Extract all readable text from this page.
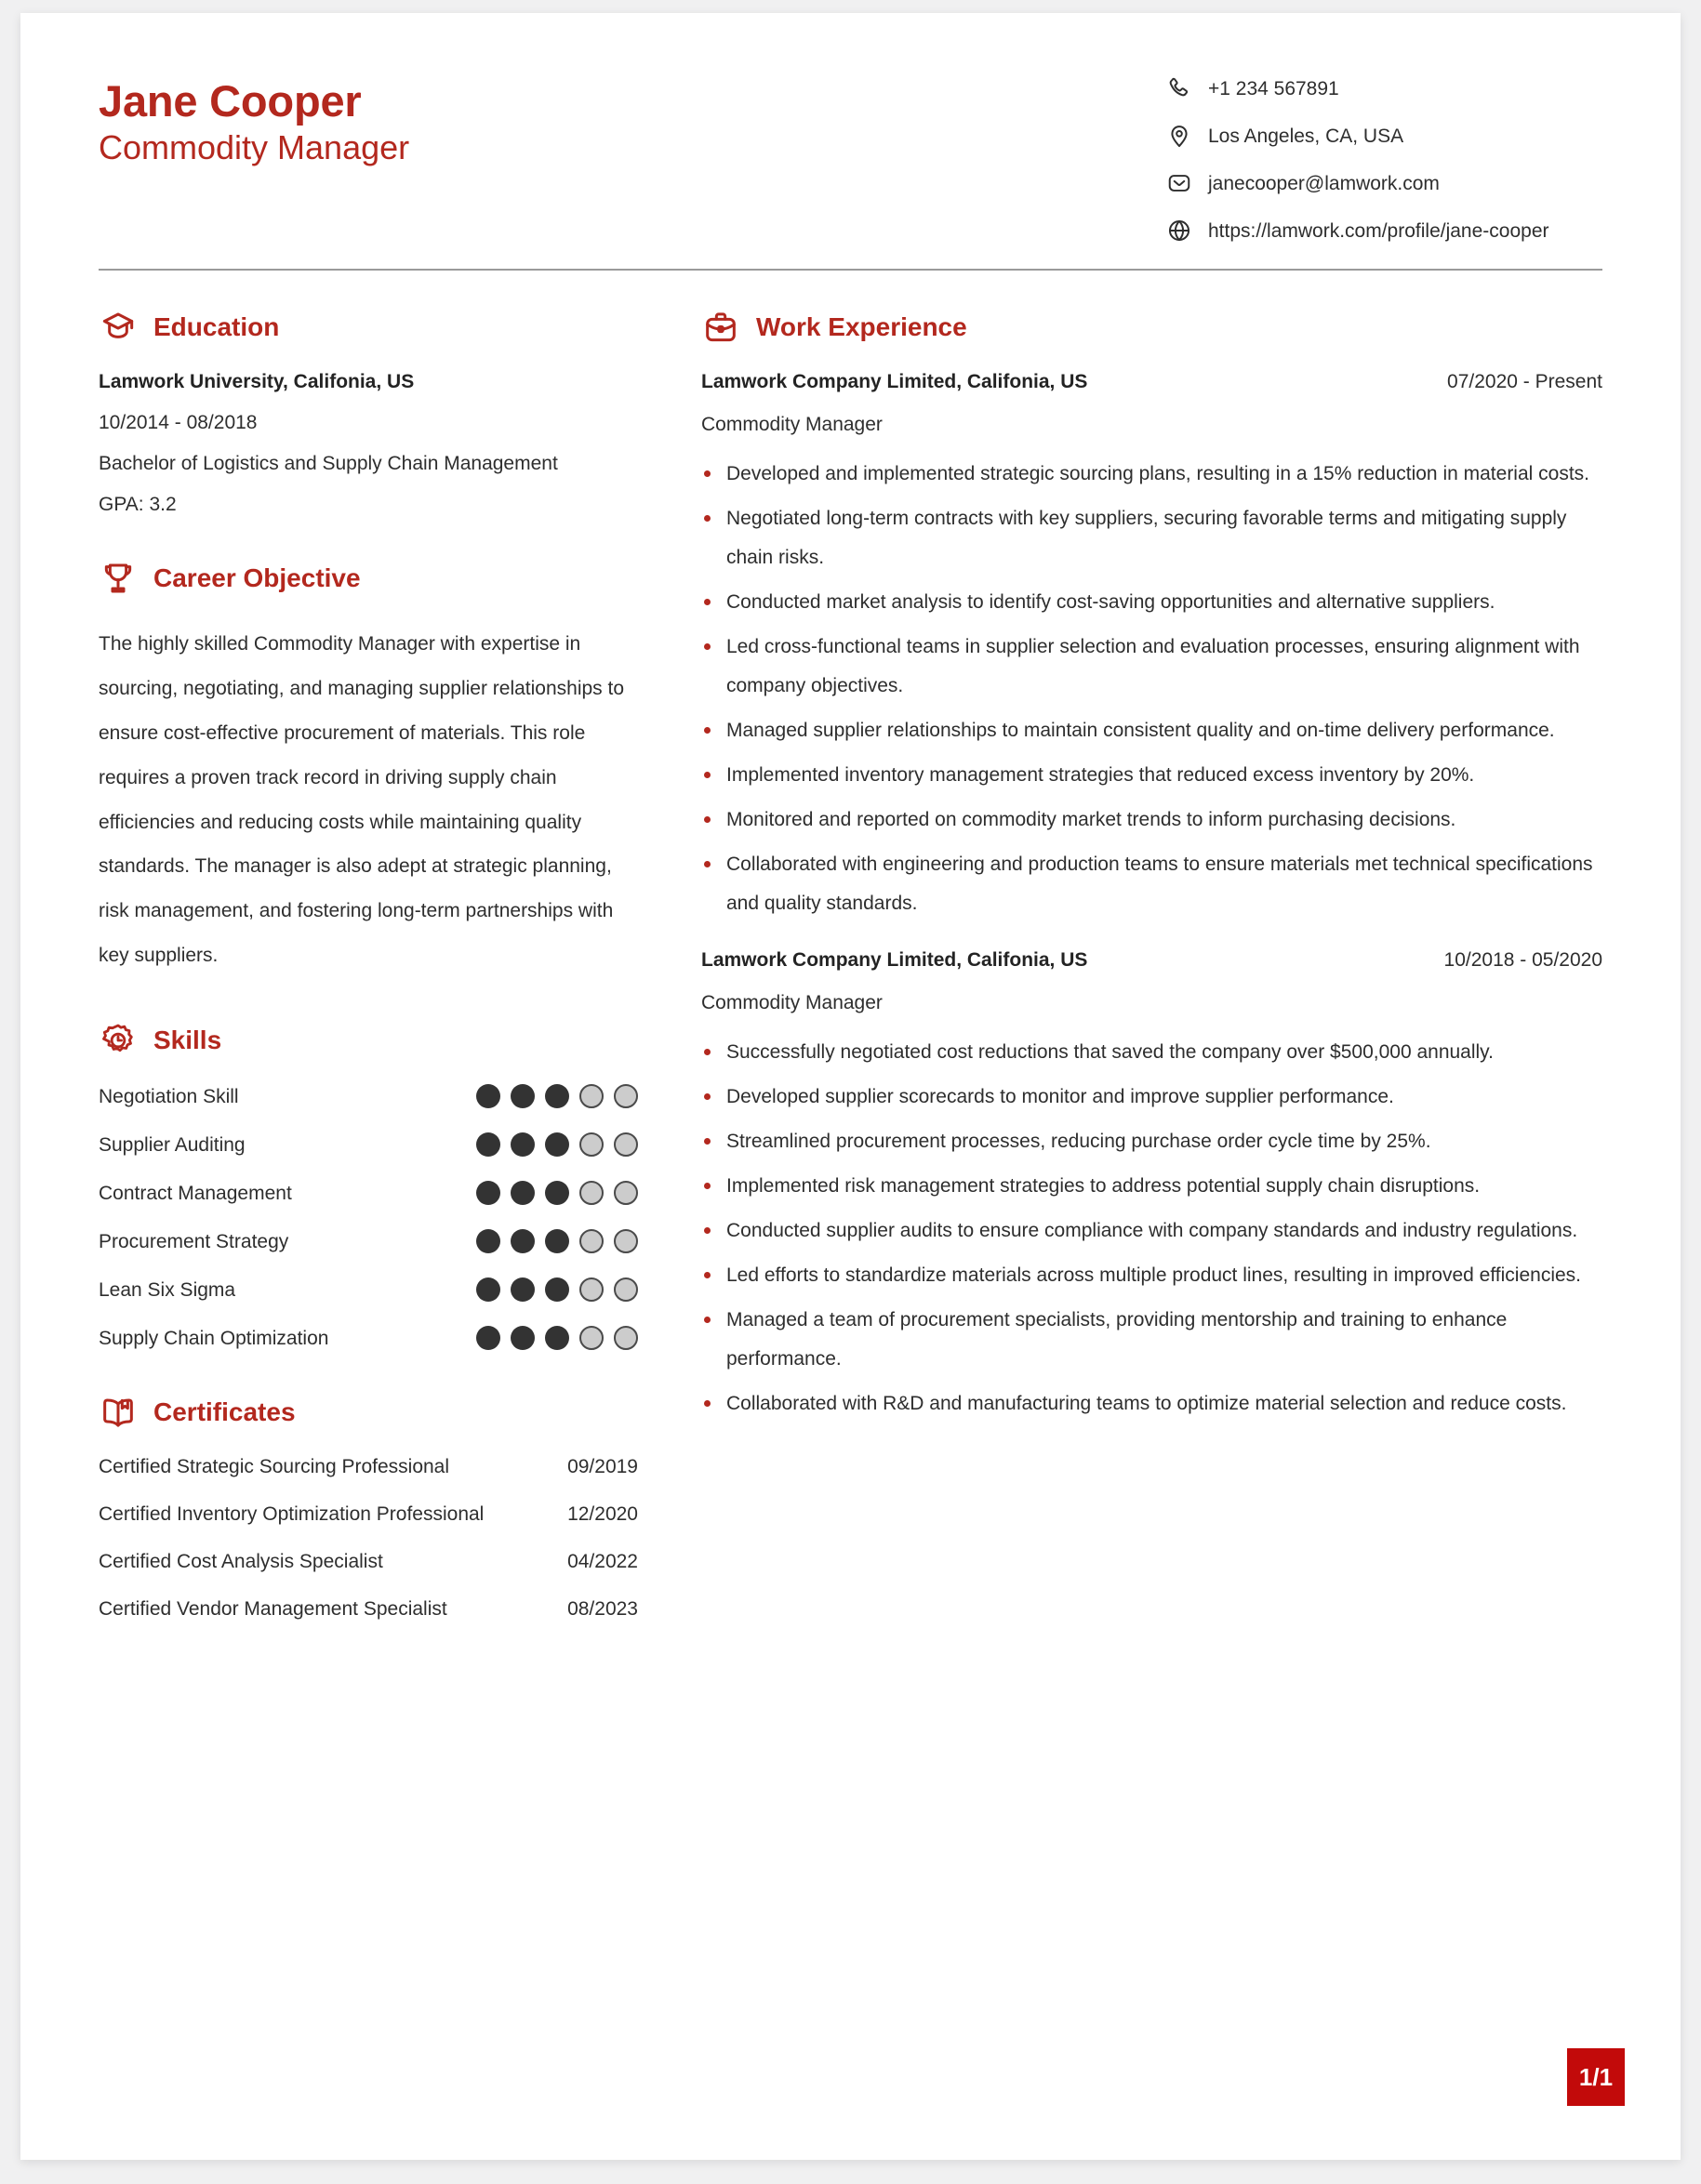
Jane Cooper
Commodity Manager
+1 234 567891
Los Angeles, CA, USA
janecooper@lamwork.com
https://lamwork.com/profile/jane-cooper
Education
Lamwork University, Califonia, US
10/2014 - 08/2018
Bachelor of Logistics and Supply Chain Management
GPA: 3.2
Career Objective
The highly skilled Commodity Manager with expertise in sourcing, negotiating, and managing supplier relationships to ensure cost-effective procurement of materials. This role requires a proven track record in driving supply chain efficiencies and reducing costs while maintaining quality standards. The manager is also adept at strategic planning, risk management, and fostering long-term partnerships with key suppliers.
Skills
Negotiation Skill
Supplier Auditing
Contract Management
Procurement Strategy
Lean Six Sigma
Supply Chain Optimization
Certificates
Certified Strategic Sourcing Professional	09/2019
Certified Inventory Optimization Professional	12/2020
Certified Cost Analysis Specialist	04/2022
Certified Vendor Management Specialist	08/2023
Work Experience
Lamwork Company Limited, Califonia, US	07/2020 - Present
Commodity Manager
Developed and implemented strategic sourcing plans, resulting in a 15% reduction in material costs.
Negotiated long-term contracts with key suppliers, securing favorable terms and mitigating supply chain risks.
Conducted market analysis to identify cost-saving opportunities and alternative suppliers.
Led cross-functional teams in supplier selection and evaluation processes, ensuring alignment with company objectives.
Managed supplier relationships to maintain consistent quality and on-time delivery performance.
Implemented inventory management strategies that reduced excess inventory by 20%.
Monitored and reported on commodity market trends to inform purchasing decisions.
Collaborated with engineering and production teams to ensure materials met technical specifications and quality standards.
Lamwork Company Limited, Califonia, US	10/2018 - 05/2020
Commodity Manager
Successfully negotiated cost reductions that saved the company over $500,000 annually.
Developed supplier scorecards to monitor and improve supplier performance.
Streamlined procurement processes, reducing purchase order cycle time by 25%.
Implemented risk management strategies to address potential supply chain disruptions.
Conducted supplier audits to ensure compliance with company standards and industry regulations.
Led efforts to standardize materials across multiple product lines, resulting in improved efficiencies.
Managed a team of procurement specialists, providing mentorship and training to enhance performance.
Collaborated with R&D and manufacturing teams to optimize material selection and reduce costs.
1/1
